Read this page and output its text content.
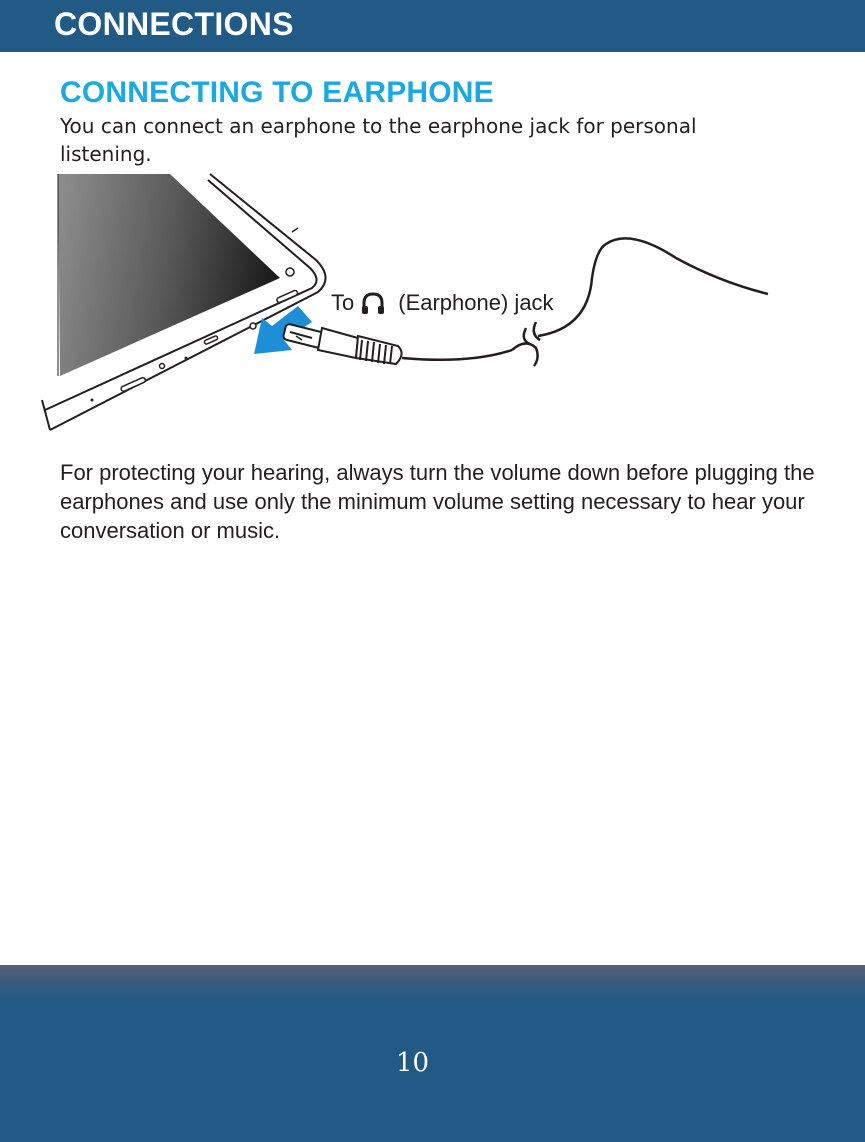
CONNECTIONS
CONNECTING TO EARPHONE
You can connect an earphone to the earphone jack for personal listening.
To (Earphone) jack
For protecting your hearing, always turn the volume down before plugging the earphones and use only the minimum volume setting necessary to hear your conversation or music.
10
